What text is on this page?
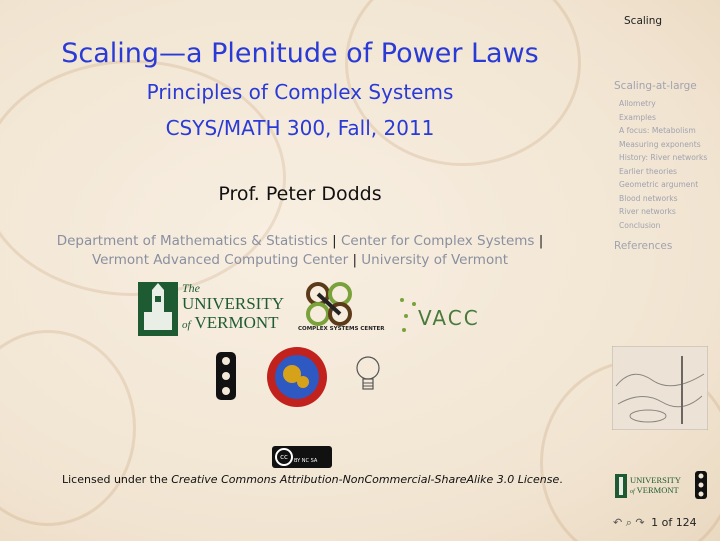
Scaling—a Plenitude of Power Laws
Principles of Complex Systems
CSYS/MATH 300, Fall, 2011
Prof. Peter Dodds
Department of Mathematics & Statistics | Center for Complex Systems |
Vermont Advanced Computing Center | University of Vermont
The
UNIVERSITY
of VERMONT	COMPLEX SYSTEMS CENTER VACC
cc	BY NC SA
Licensed under the Creative Commons Attribution-NonCommercial-ShareAlike 3.0 License.
Scaling
Scaling-at-large
Allometry
Examples
A focus: Metabolism
Measuring exponents
History: River networks
Earlier theories
Geometric argument
Blood networks
River networks
Conclusion
References
UNIVERSITY
of VERMONT
↶ ⌕ ↷ 1 of 124
